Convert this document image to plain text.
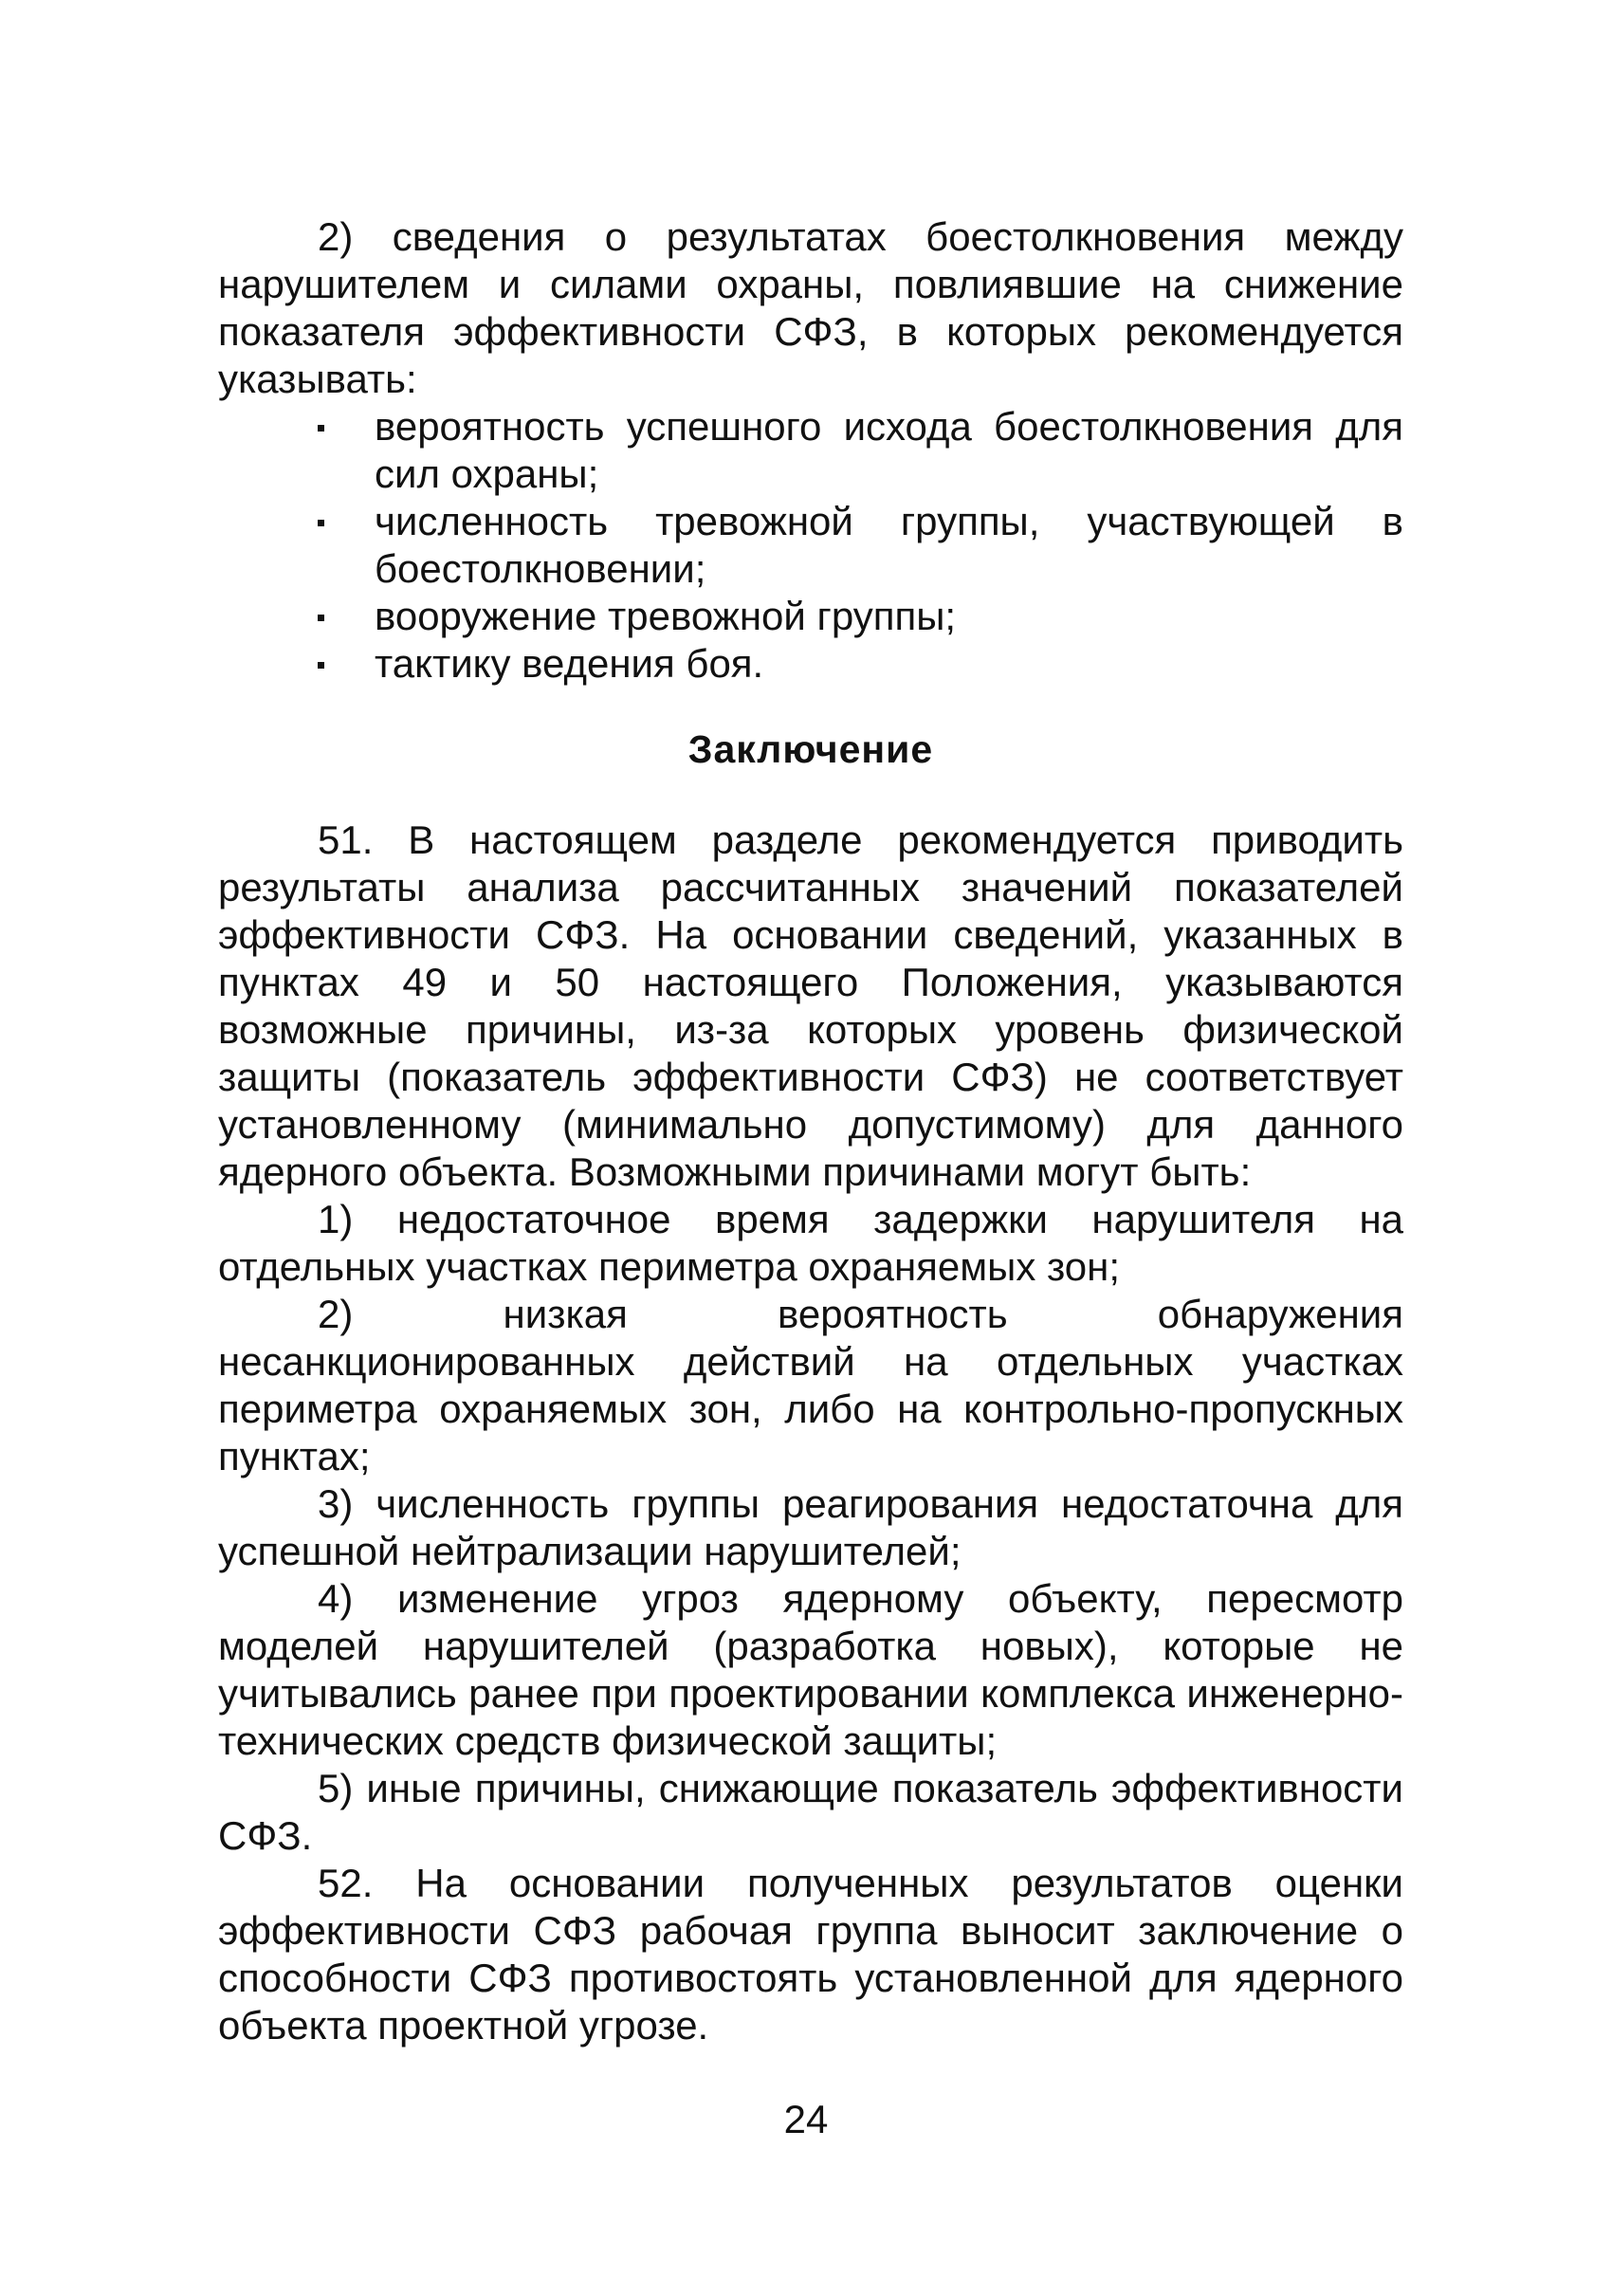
2) сведения о результатах боестолкновения между нарушителем и силами охраны, повлиявшие на снижение показателя эффективности СФЗ, в которых рекомендуется указывать:

вероятность успешного исхода боестолкновения для сил охраны;
численность тревожной группы, участвующей в боестолкновении;
вооружение тревожной группы;
тактику ведения боя.
Заключение

51. В настоящем разделе рекомендуется приводить результаты анализа рассчитанных значений показателей эффективности СФЗ. На основании сведений, указанных в пунктах 49 и 50 настоящего Положения, указываются возможные причины, из-за которых уровень физической защиты (показатель эффективности СФЗ) не соответствует установленному (минимально допустимому) для данного ядерного объекта. Возможными причинами могут быть:

1) недостаточное время задержки нарушителя на отдельных участках периметра охраняемых зон;

2) низкая вероятность обнаружения несанкционированных действий на отдельных участках периметра охраняемых зон, либо на контрольно-пропускных пунктах;

3) численность группы реагирования недостаточна для успешной нейтрализации нарушителей;

4) изменение угроз ядерному объекту, пересмотр моделей нарушителей (разработка новых), которые не учитывались ранее при проектировании комплекса инженерно-технических средств физической защиты;

5) иные причины, снижающие показатель эффективности СФЗ.

52. На основании полученных результатов оценки эффективности СФЗ рабочая группа выносит заключение о способности СФЗ противостоять установленной для ядерного объекта проектной угрозе.

24
